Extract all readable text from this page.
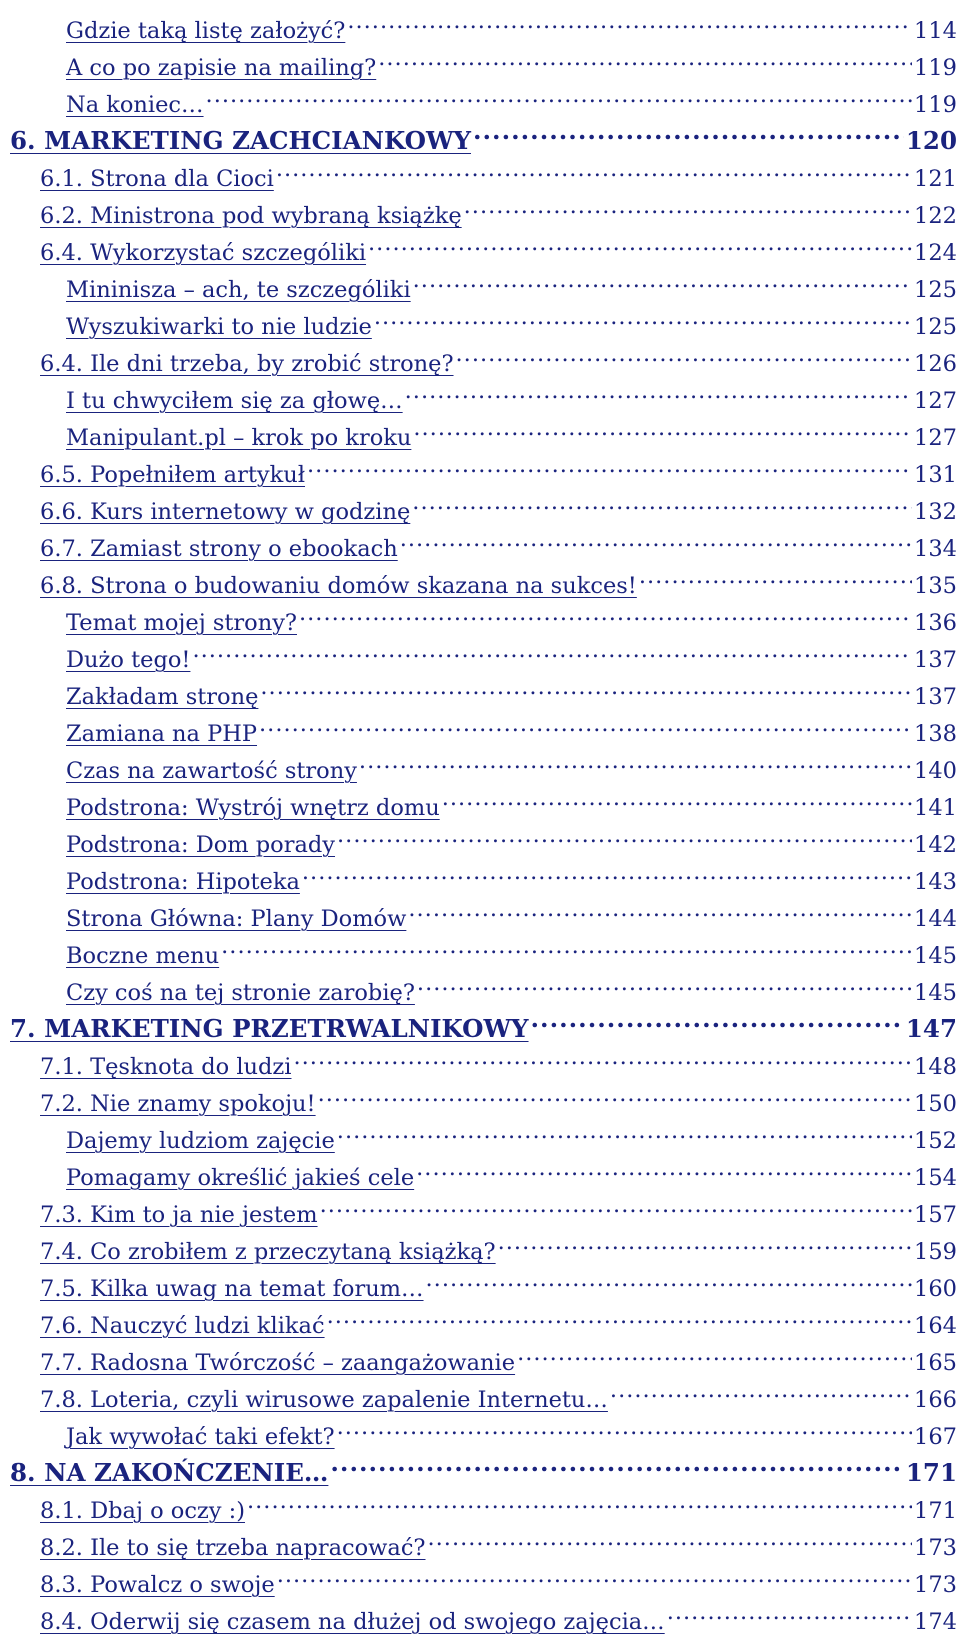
Gdzie taką listę założyć? .....	114
A co po zapisie na mailing? .....	119
Na koniec… .....	119
6. MARKETING ZACHCIANKOWY .....	120
6.1. Strona dla Cioci .....	121
6.2. Ministrona pod wybraną książkę .....	122
6.4. Wykorzystać szczególiki .....	124
Mininisza – ach, te szczególiki .....	125
Wyszukiwarki to nie ludzie .....	125
6.4. Ile dni trzeba, by zrobić stronę? .....	126
I tu chwyciłem się za głowę… .....	127
Manipulant.pl – krok po kroku .....	127
6.5. Popełniłem artykuł .....	131
6.6. Kurs internetowy w godzinę .....	132
6.7. Zamiast strony o ebookach .....	134
6.8. Strona o budowaniu domów skazana na sukces! .....	135
Temat mojej strony? .....	136
Dużo tego! .....	137
Zakładam stronę .....	137
Zamiana na PHP .....	138
Czas na zawartość strony .....	140
Podstrona: Wystrój wnętrz domu .....	141
Podstrona: Dom porady .....	142
Podstrona: Hipoteka .....	143
Strona Główna: Plany Domów .....	144
Boczne menu .....	145
Czy coś na tej stronie zarobię? .....	145
7. MARKETING PRZETRWALNIKOWY .....	147
7.1. Tęsknota do ludzi .....	148
7.2. Nie znamy spokoju! .....	150
Dajemy ludziom zajęcie .....	152
Pomagamy określić jakieś cele .....	154
7.3. Kim to ja nie jestem .....	157
7.4. Co zrobiłem z przeczytaną książką? .....	159
7.5. Kilka uwag na temat forum… .....	160
7.6. Nauczyć ludzi klikać .....	164
7.7. Radosna Twórczość – zaangażowanie .....	165
7.8. Loteria, czyli wirusowe zapalenie Internetu… .....	166
Jak wywołać taki efekt? .....	167
8. NA ZAKOŃCZENIE… .....	171
8.1. Dbaj o oczy :) .....	171
8.2. Ile to się trzeba napracować? .....	173
8.3. Powalcz o swoje .....	173
8.4. Oderwij się czasem na dłużej od swojego zajęcia… .....	174
